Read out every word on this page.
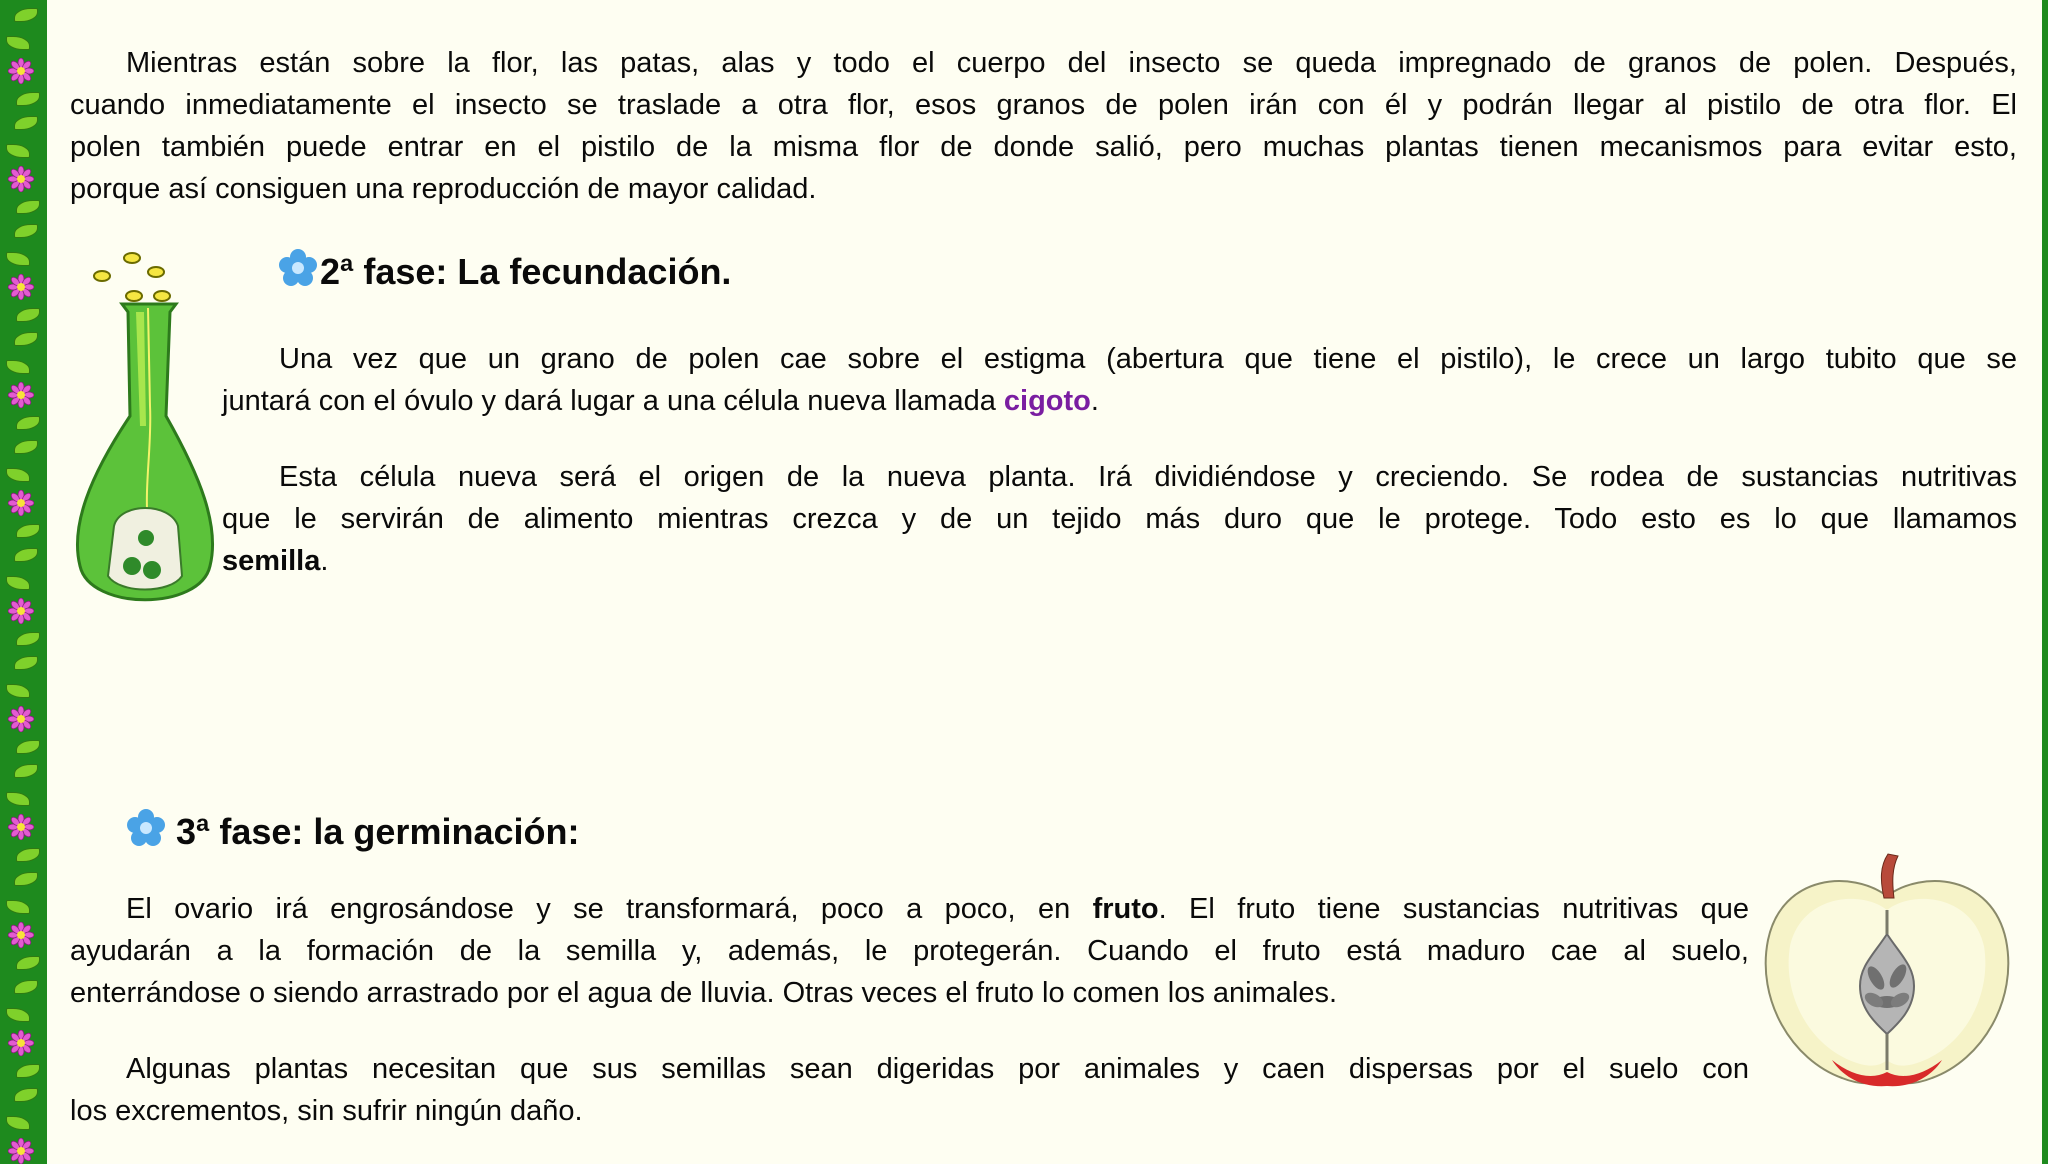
Mientras están sobre la flor, las patas, alas y todo el cuerpo del insecto se queda impregnado de granos de polen. Después,

cuando inmediatamente el insecto se traslade a otra flor, esos granos de polen irán con él y podrán llegar al pistilo de otra flor. El

polen también puede entrar en el pistilo de la misma flor de donde salió, pero muchas plantas tienen mecanismos para evitar esto,

porque así consiguen una reproducción de mayor calidad.

2ª fase: La fecundación.

Una vez que un grano de polen cae sobre el estigma (abertura que tiene el pistilo), le crece un largo tubito que se

juntará con el óvulo y dará lugar a una célula nueva llamada cigoto.

Esta célula nueva será el origen de la nueva planta. Irá dividiéndose y creciendo. Se rodea de sustancias nutritivas

que le servirán de alimento mientras crezca y de un tejido más duro que le protege. Todo esto es lo que llamamos

semilla.

3ª fase: la germinación:

El ovario irá engrosándose y se transformará, poco a poco, en fruto. El fruto tiene sustancias nutritivas que

ayudarán a la formación de la semilla y, además, le protegerán. Cuando el fruto está maduro cae al suelo,

enterrándose o siendo arrastrado por el agua de lluvia. Otras veces el fruto lo comen los animales.

Algunas plantas necesitan que sus semillas sean digeridas por animales y caen dispersas por el suelo con

los excrementos, sin sufrir ningún daño.
